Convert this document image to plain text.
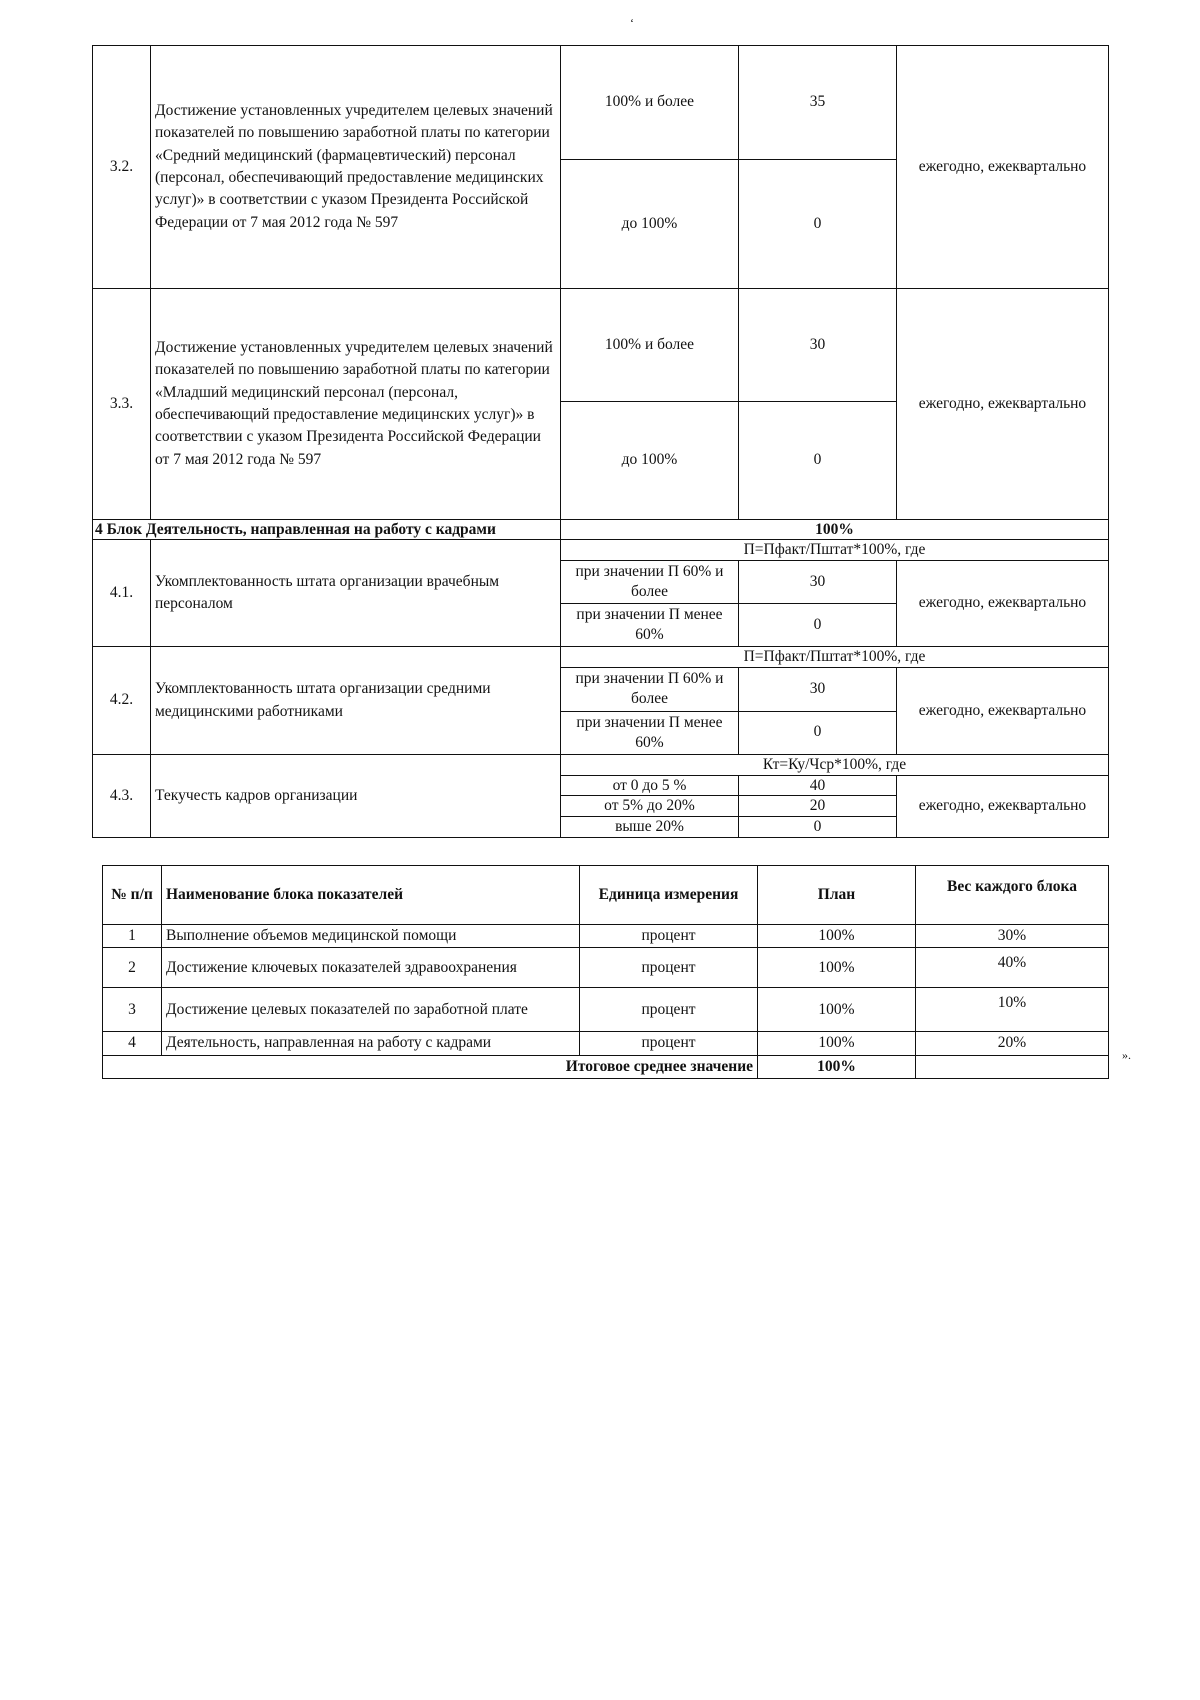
‘
3.2.	Достижение установленных учредителем целевых значений показателей по повышению заработной платы по категории «Средний медицинский (фармацевтический) персонал (персонал, обеспечивающий предоставление медицинских услуг)» в соответствии с указом Президента Российской Федерации от 7 мая 2012 года № 597	100% и более	35	ежегодно, ежеквартально
		до 100%	0	
3.3.	Достижение установленных учредителем целевых значений показателей по повышению заработной платы по категории «Младший медицинский персонал (персонал, обеспечивающий предоставление медицинских услуг)» в соответствии с указом Президента Российской Федерации от 7 мая 2012 года № 597	100% и более	30	ежегодно, ежеквартально
		до 100%	0	
4 Блок Деятельность, направленная на работу с кадрами		100%		
4.1.	Укомплектованность штата организации врачебным персоналом	П=Пфакт/Пштат*100%, где		
		при значении П 60% и более	30	ежегодно, ежеквартально
		при значении П менее 60%	0	
4.2.	Укомплектованность штата организации средними медицинскими работниками	П=Пфакт/Пштат*100%, где		
		при значении П 60% и более	30	ежегодно, ежеквартально
		при значении П менее 60%	0	
4.3.	Текучесть кадров организации	Кт=Ку/Чср*100%, где		
		от 0 до 5 %	40	ежегодно, ежеквартально
		от 5% до 20%	20	
		выше 20%	0	
№ п/п	Наименование блока показателей	Единица измерения	План	Вес каждого блока
1	Выполнение объемов медицинской помощи	процент	100%	30%
2	Достижение ключевых показателей здравоохранения	процент	100%	40%
3	Достижение целевых показателей по заработной плате	процент	100%	10%
4	Деятельность, направленная на работу с кадрами	процент	100%	20%
Итоговое среднее значение			100%	
».
